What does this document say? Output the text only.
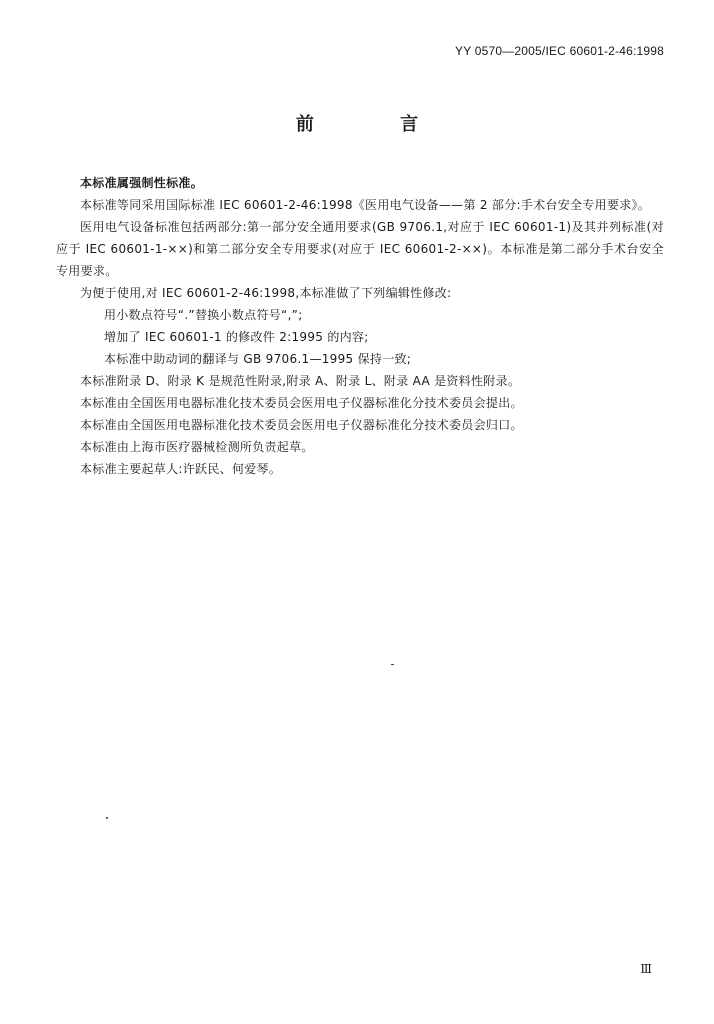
YY 0570—2005/IEC 60601-2-46:1998
前 言

本标准属强制性标准。

本标准等同采用国际标准 IEC 60601-2-46:1998《医用电气设备——第 2 部分:手术台安全专用要求》。

医用电气设备标准包括两部分:第一部分安全通用要求(GB 9706.1,对应于 IEC 60601-1)及其并列标准(对应于 IEC 60601-1-××)和第二部分安全专用要求(对应于 IEC 60601-2-××)。本标准是第二部分手术台安全专用要求。

为便于使用,对 IEC 60601-2-46:1998,本标准做了下列编辑性修改:

用小数点符号“.”替换小数点符号“,”;

增加了 IEC 60601-1 的修改件 2:1995 的内容;

本标准中助动词的翻译与 GB 9706.1—1995 保持一致;

本标准附录 D、附录 K 是规范性附录,附录 A、附录 L、附录 AA 是资料性附录。

本标准由全国医用电器标准化技术委员会医用电子仪器标准化分技术委员会提出。

本标准由全国医用电器标准化技术委员会医用电子仪器标准化分技术委员会归口。

本标准由上海市医疗器械检测所负责起草。

本标准主要起草人:许跃民、何爱琴。

Ⅲ
